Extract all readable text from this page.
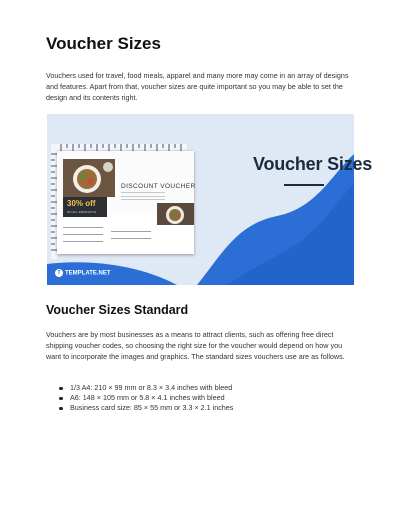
Voucher Sizes

Vouchers used for travel, food meals, apparel and many more may come in an array of designs and features. Apart from that, voucher sizes are quite important so you may be able to set the design and its contents right.

Voucher Sizes
T TEMPLATE.NET
30% off
ON ALL PRODUCTS
DISCOUNT VOUCHER
Voucher Sizes Standard

Vouchers are by most businesses as a means to attract clients, such as offering free direct shipping voucher codes, so choosing the right size for the voucher would depend on how you want to incorporate the images and graphics. The standard sizes vouchers use are as follows.

1/3 A4: 210 × 99 mm or 8.3 × 3.4 inches with bleed
A6: 148 × 105 mm or 5.8 × 4.1 inches with bleed
Business card size: 85 × 55 mm or 3.3 × 2.1 inches
